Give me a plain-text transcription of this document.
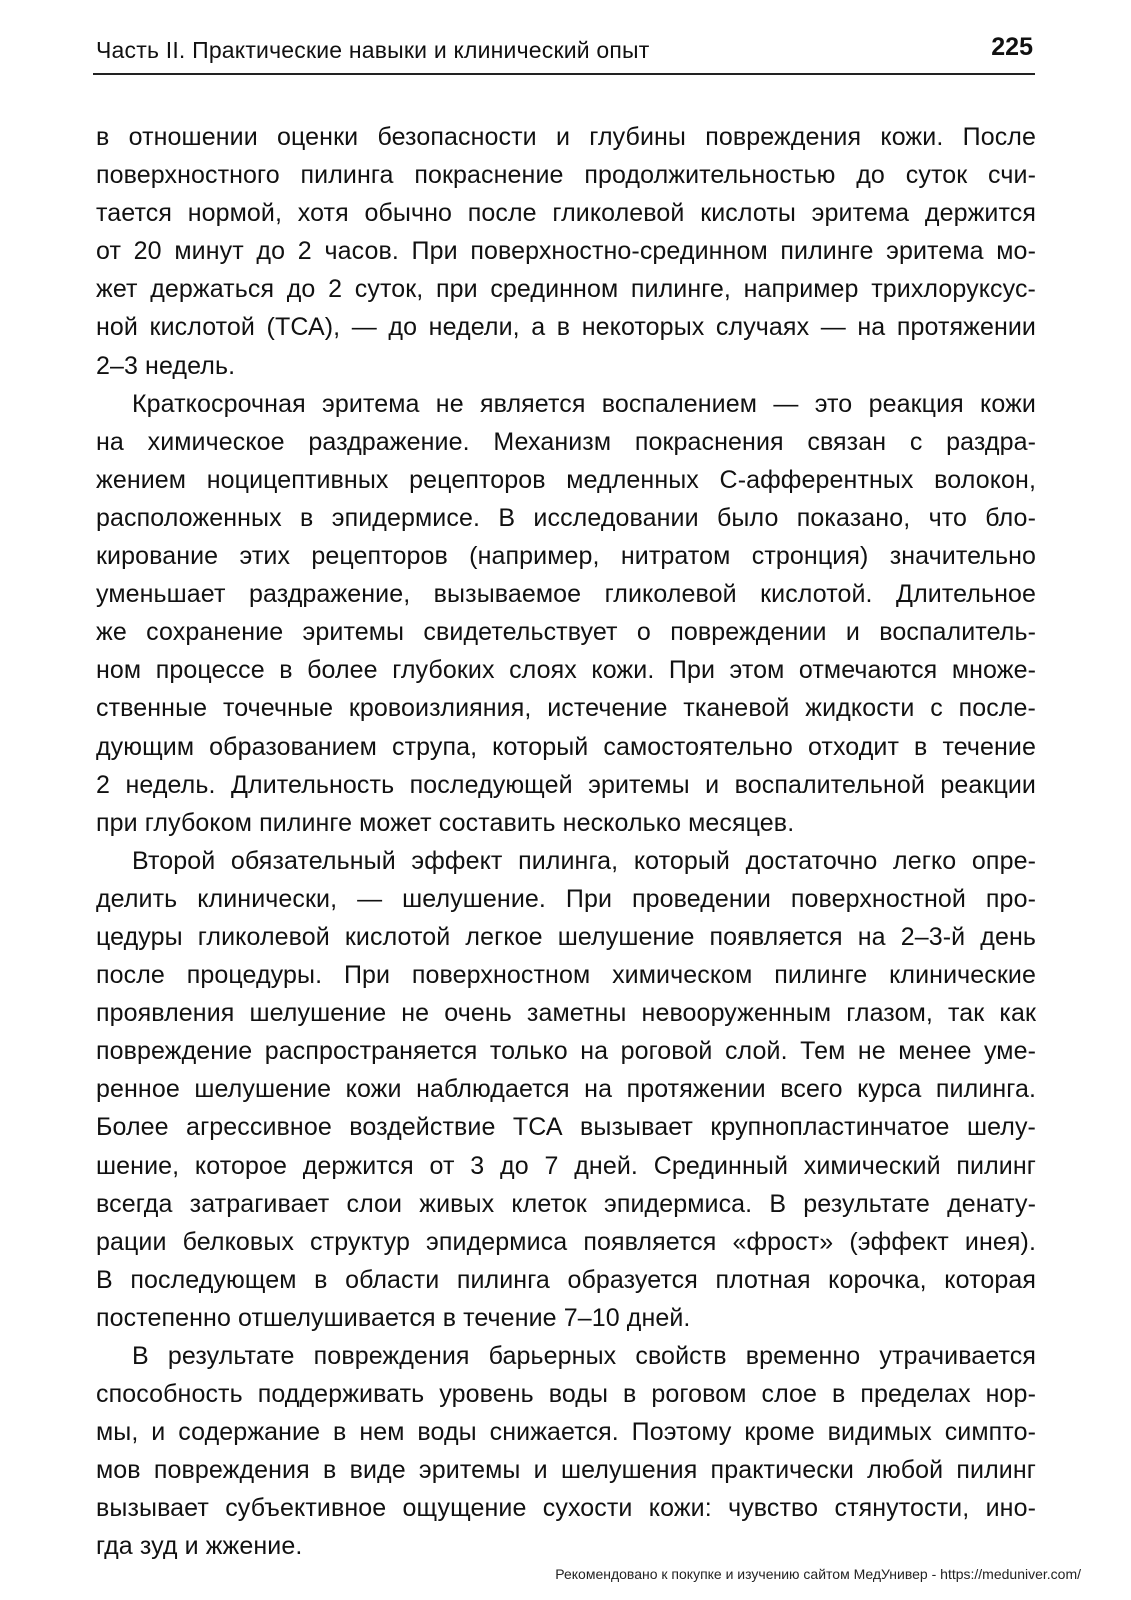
Часть II. Практические навыки и клинический опыт	225
в отношении оценки безопасности и глубины повреждения кожи. После
поверхностного пилинга покраснение продолжительностью до суток счи-
тается нормой, хотя обычно после гликолевой кислоты эритема держится
от 20 минут до 2 часов. При поверхностно-срединном пилинге эритема мо-
жет держаться до 2 суток, при срединном пилинге, например трихлоруксус-
ной кислотой (ТСА), — до недели, а в некоторых случаях — на протяжении
2–3 недель.
Краткосрочная эритема не является воспалением — это реакция кожи
на химическое раздражение. Механизм покраснения связан с раздра-
жением ноцицептивных рецепторов медленных С-афферентных волокон,
расположенных в эпидермисе. В исследовании было показано, что бло-
кирование этих рецепторов (например, нитратом стронция) значительно
уменьшает раздражение, вызываемое гликолевой кислотой. Длительное
же сохранение эритемы свидетельствует о повреждении и воспалитель-
ном процессе в более глубоких слоях кожи. При этом отмечаются множе-
ственные точечные кровоизлияния, истечение тканевой жидкости с после-
дующим образованием струпа, который самостоятельно отходит в течение
2 недель. Длительность последующей эритемы и воспалительной реакции
при глубоком пилинге может составить несколько месяцев.
Второй обязательный эффект пилинга, который достаточно легко опре-
делить клинически, — шелушение. При проведении поверхностной про-
цедуры гликолевой кислотой легкое шелушение появляется на 2–3-й день
после процедуры. При поверхностном химическом пилинге клинические
проявления шелушение не очень заметны невооруженным глазом, так как
повреждение распространяется только на роговой слой. Тем не менее уме-
ренное шелушение кожи наблюдается на протяжении всего курса пилинга.
Более агрессивное воздействие ТСА вызывает крупнопластинчатое шелу-
шение, которое держится от 3 до 7 дней. Срединный химический пилинг
всегда затрагивает слои живых клеток эпидермиса. В результате денату-
рации белковых структур эпидермиса появляется «фрост» (эффект инея).
В последующем в области пилинга образуется плотная корочка, которая
постепенно отшелушивается в течение 7–10 дней.
В результате повреждения барьерных свойств временно утрачивается
способность поддерживать уровень воды в роговом слое в пределах нор-
мы, и содержание в нем воды снижается. Поэтому кроме видимых симпто-
мов повреждения в виде эритемы и шелушения практически любой пилинг
вызывает субъективное ощущение сухости кожи: чувство стянутости, ино-
гда зуд и жжение.
Рекомендовано к покупке и изучению сайтом МедУнивер - https://meduniver.com/
